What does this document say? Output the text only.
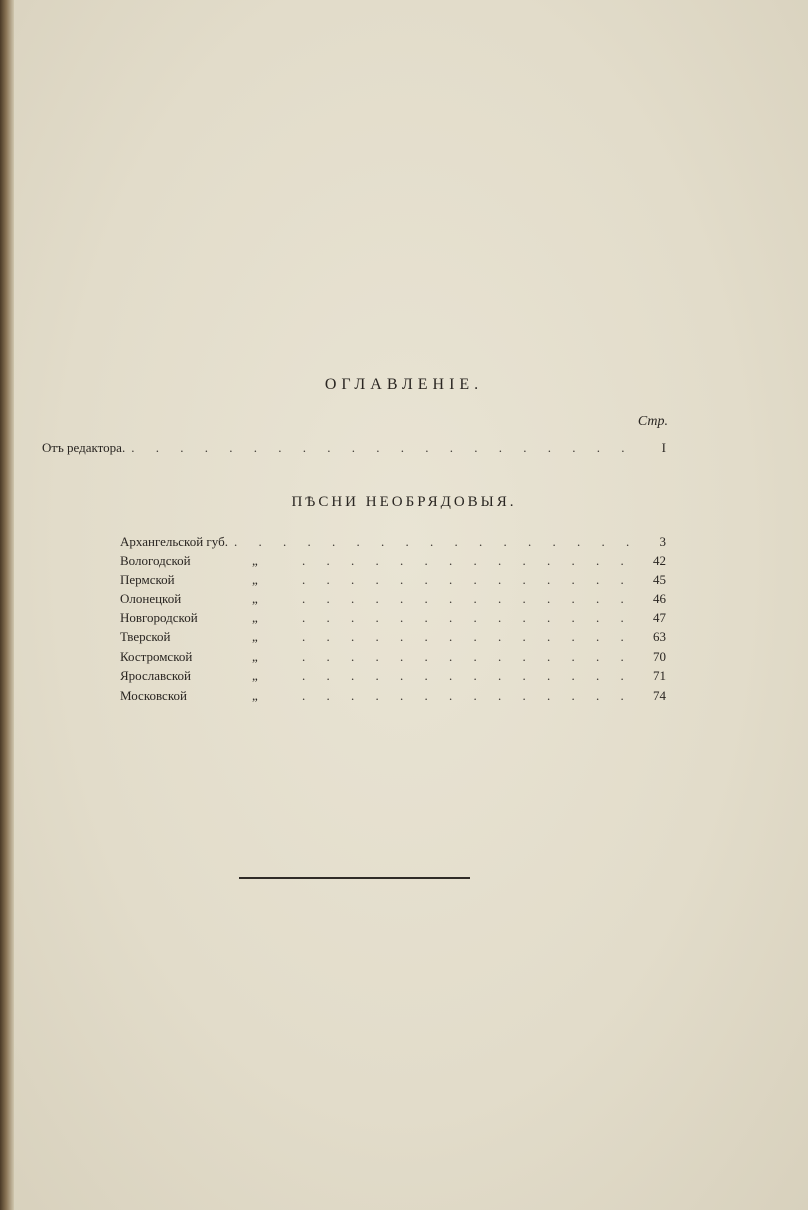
ОГЛАВЛЕНІЕ.
Стр.
Отъ редактора. . . .	I
ПѢСНИ НЕОБРЯДОВЫЯ.
Архангельской губ. . . .	3
Вологодской	„ . . .	42
Пермской	„ . . .	45
Олонецкой	„ . . .	46
Новгородской	„ . . .	47
Тверской	„ . . .	63
Костромской	„ . . .	70
Ярославской	„ . . .	71
Московской	„ . . .	74
